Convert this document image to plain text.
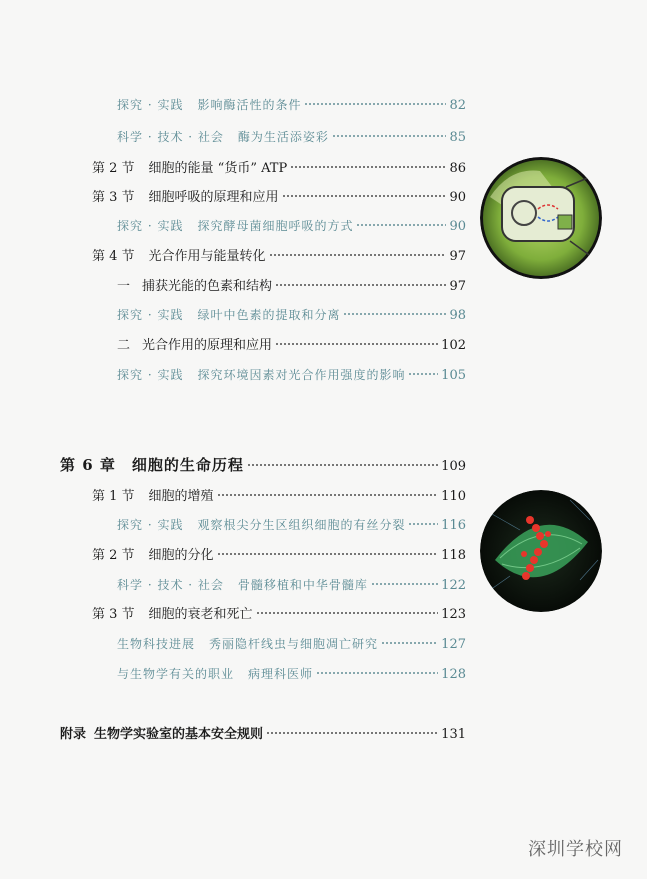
探究 · 实践 影响酶活性的条件	82
科学 · 技术 · 社会 酶为生活添姿彩	85
第 2 节 细胞的能量 “货币” ATP	86
第 3 节 细胞呼吸的原理和应用	90
探究 · 实践 探究酵母菌细胞呼吸的方式	90
第 4 节 光合作用与能量转化	97
一 捕获光能的色素和结构	97
探究 · 实践 绿叶中色素的提取和分离	98
二 光合作用的原理和应用	102
探究 · 实践 探究环境因素对光合作用强度的影响	105
第 6 章 细胞的生命历程	109
第 1 节 细胞的增殖	110
探究 · 实践 观察根尖分生区组织细胞的有丝分裂	116
第 2 节 细胞的分化	118
科学 · 技术 · 社会 骨髓移植和中华骨髓库	122
第 3 节 细胞的衰老和死亡	123
生物科技进展 秀丽隐杆线虫与细胞凋亡研究	127
与生物学有关的职业 病理科医师	128
附录 生物学实验室的基本安全规则	131
深圳学校网
